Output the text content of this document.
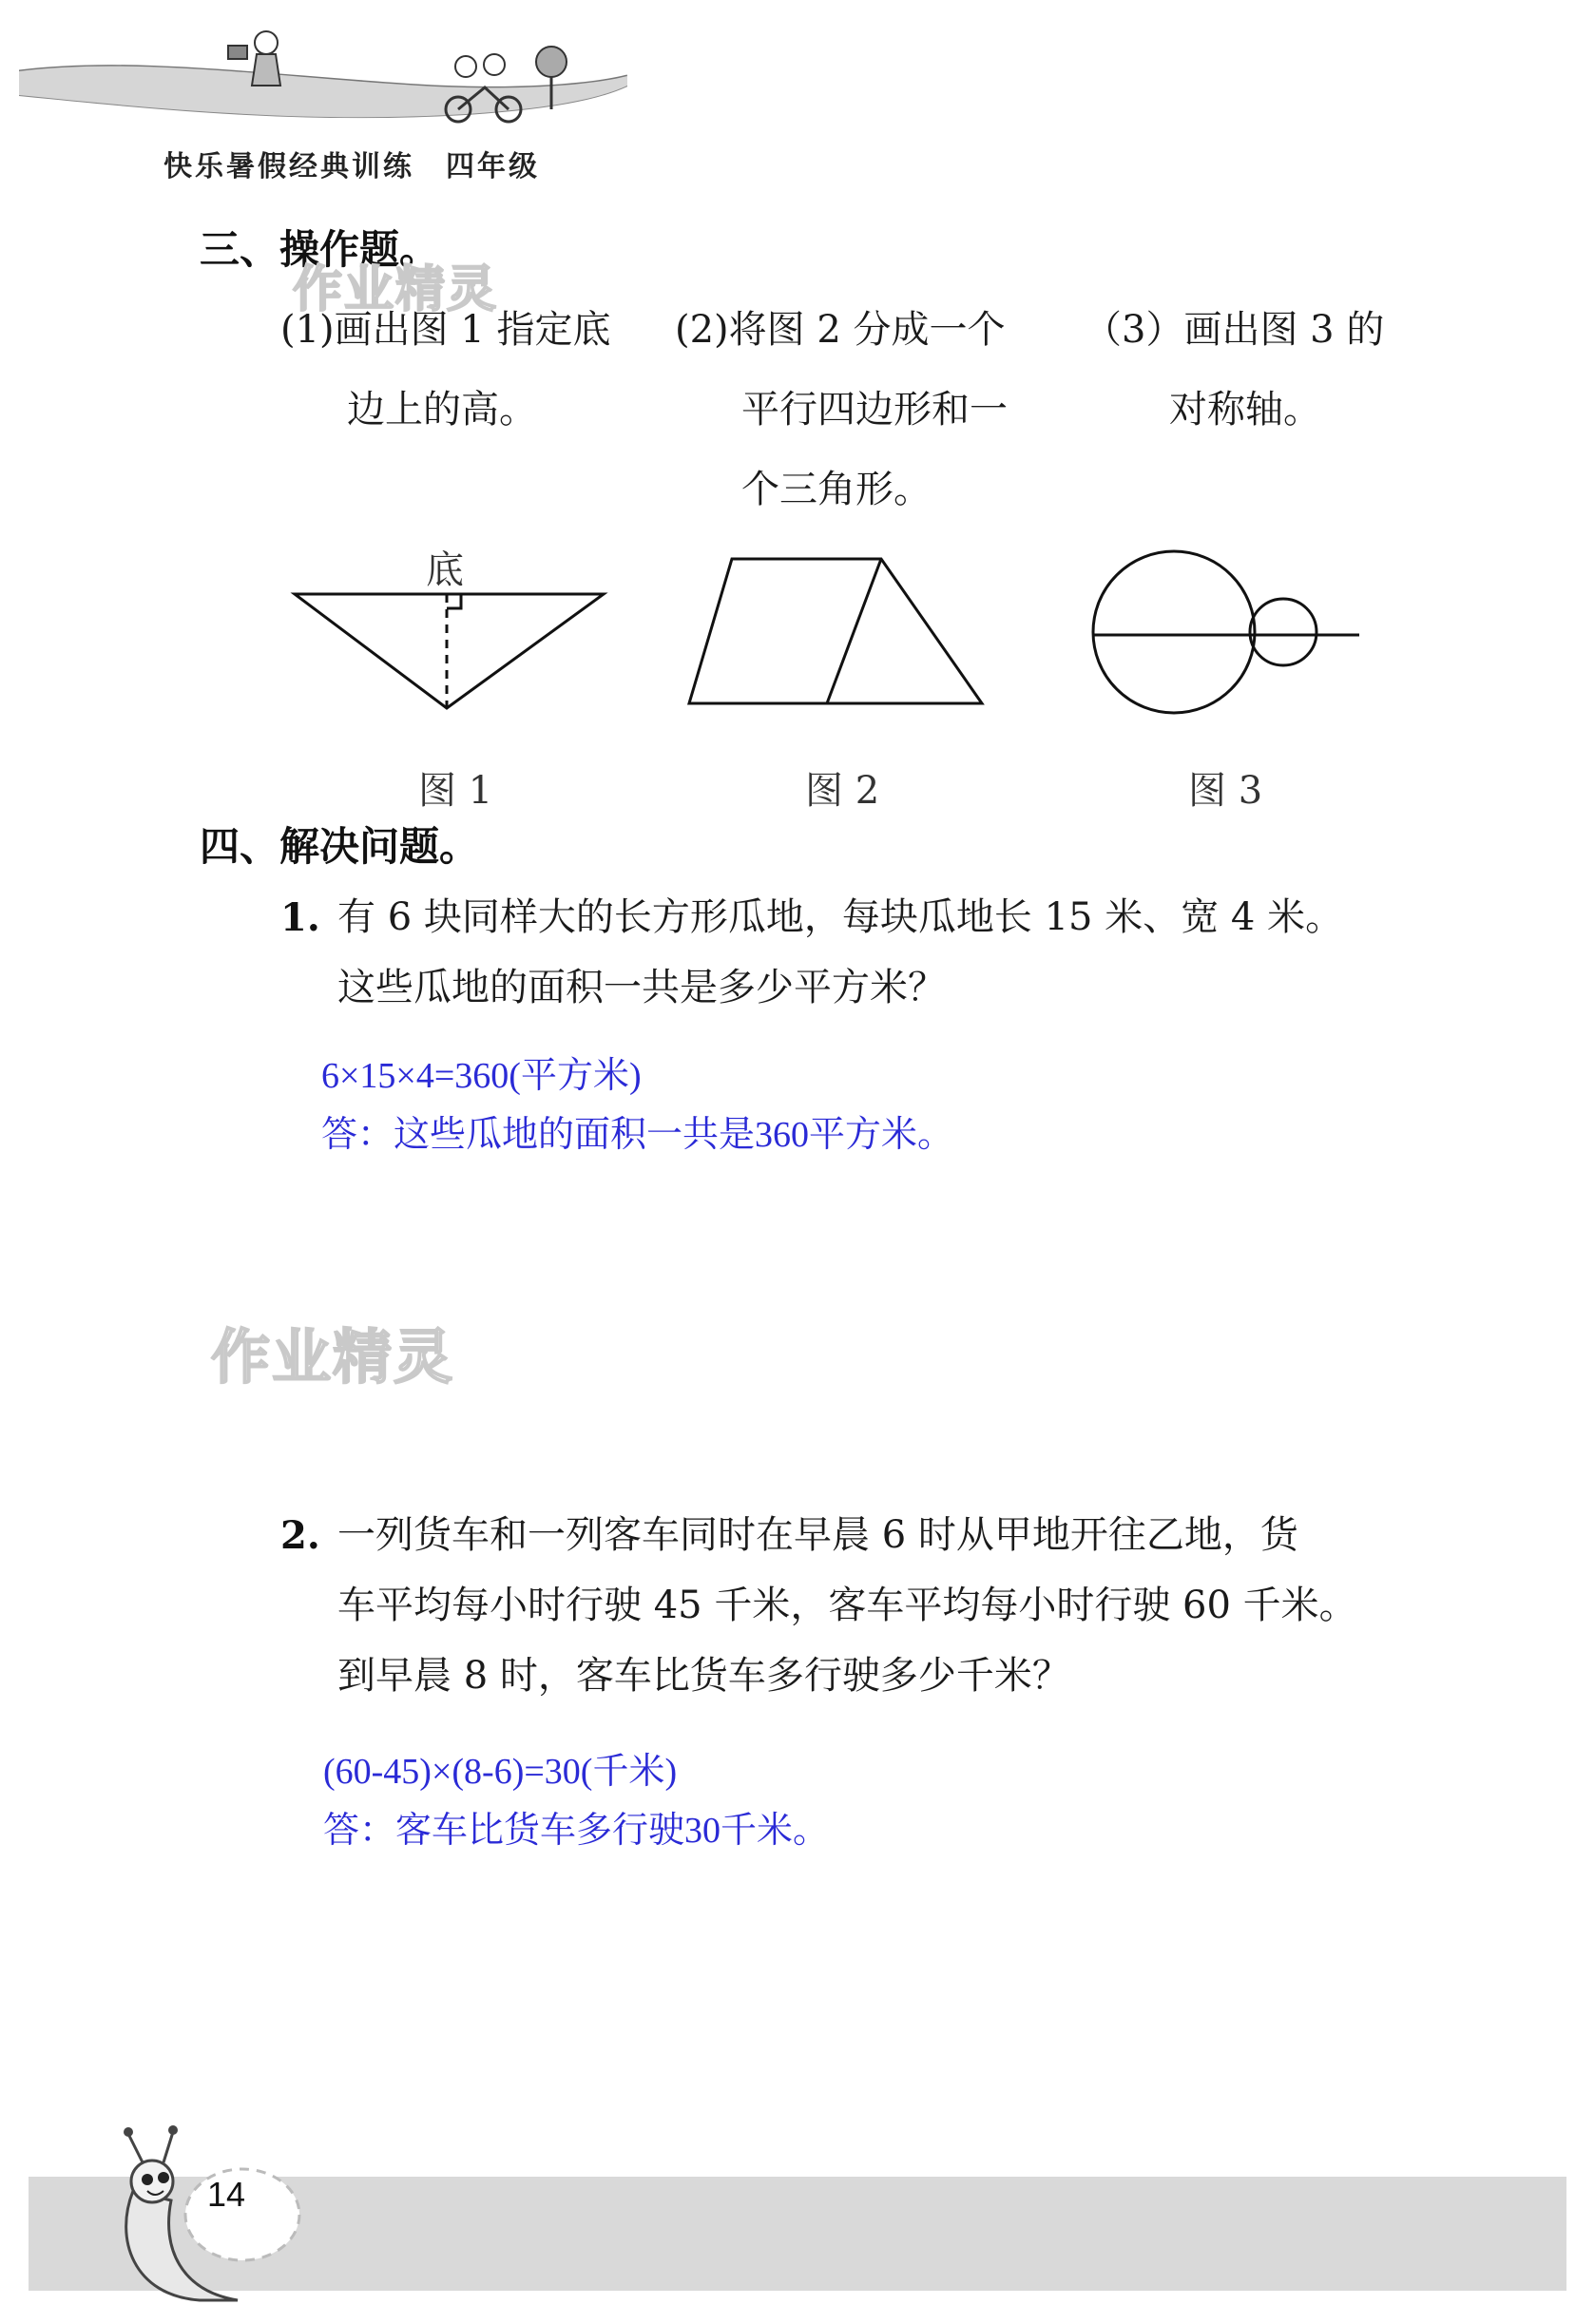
快乐暑假经典训练　四年级
三、操作题。
作业精灵
(1)画出图 1 指定底
边上的高。
(2)将图 2 分成一个
平行四边形和一
个三角形。
（3）画出图 3 的
对称轴。
底
图 1	图 2	图 3
四、解决问题。
1. 有 6 块同样大的长方形瓜地，每块瓜地长 15 米、宽 4 米。
这些瓜地的面积一共是多少平方米？
6×15×4=360(平方米)
答：这些瓜地的面积一共是360平方米。
作业精灵
2. 一列货车和一列客车同时在早晨 6 时从甲地开往乙地，货
车平均每小时行驶 45 千米，客车平均每小时行驶 60 千米。
到早晨 8 时，客车比货车多行驶多少千米？
(60-45)×(8-6)=30(千米)
答：客车比货车多行驶30千米。
14
